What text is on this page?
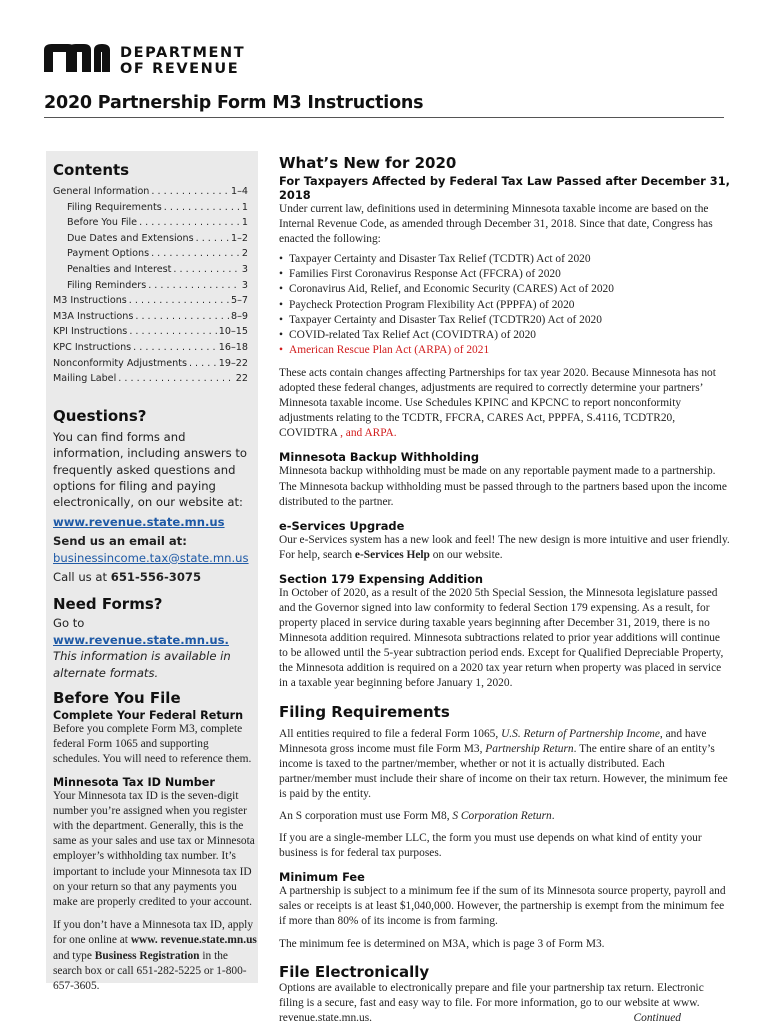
DEPARTMENT
OF REVENUE
2020 Partnership Form M3 Instructions
Contents
General Information . . .	1–4
Filing Requirements . . .	1
Before You File . . .	1
Due Dates and Extensions . . .	1–2
Payment Options . . .	2
Penalties and Interest . . .	3
Filing Reminders . . .	3
M3 Instructions . . .	5–7
M3A Instructions . . .	8–9
KPI Instructions . . .	10–15
KPC Instructions . . .	16–18
Nonconformity Adjustments . . .	19–22
Mailing Label . . .	22
Questions?
You can find forms and information, including answers to frequently asked questions and options for filing and paying electronically, on our website at:
www.revenue.state.mn.us
Send us an email at:
businessincome.tax@state.mn.us
Call us at 651-556-3075
Need Forms?
Go to www.revenue.state.mn.us.
This information is available in alternate formats.
Before You File
Complete Your Federal Return
Before you complete Form M3, complete federal Form 1065 and supporting schedules. You will need to reference them.
Minnesota Tax ID Number
Your Minnesota tax ID is the seven-digit number you’re assigned when you register with the department. Generally, this is the same as your sales and use tax or Minnesota employer’s withholding tax number. It’s important to include your Minnesota tax ID on your return so that any payments you make are properly credited to your account.
If you don’t have a Minnesota tax ID, apply for one online at www. revenue.state.mn.us and type Business Registration in the search box or call 651-282-5225 or 1-800-657-3605.
What’s New for 2020
For Taxpayers Affected by Federal Tax Law Passed after December 31, 2018
Under current law, definitions used in determining Minnesota taxable income are based on the Internal Revenue Code, as amended through December 31, 2018. Since that date, Congress has enacted the following:
• Taxpayer Certainty and Disaster Tax Relief (TCDTR) Act of 2020
• Families First Coronavirus Response Act (FFCRA) of 2020
• Coronavirus Aid, Relief, and Economic Security (CARES) Act of 2020
• Paycheck Protection Program Flexibility Act (PPPFA) of 2020
• Taxpayer Certainty and Disaster Tax Relief (TCDTR20) Act of 2020
• COVID-related Tax Relief Act (COVIDTRA) of 2020
• American Rescue Plan Act (ARPA) of 2021
These acts contain changes affecting Partnerships for tax year 2020. Because Minnesota has not adopted these federal changes, adjustments are required to correctly determine your partners’ Minnesota taxable income. Use Schedules KPINC and KPCNC to report nonconformity adjustments relating to the TCDTR, FFCRA, CARES Act, PPPFA, S.4116, TCDTR20, COVIDTRA , and ARPA.
Minnesota Backup Withholding
Minnesota backup withholding must be made on any reportable payment made to a partnership. The Minnesota backup withholding must be passed through to the partners based upon the income distributed to the partner.
e-Services Upgrade
Our e-Services system has a new look and feel! The new design is more intuitive and user friendly. For help, search e-Services Help on our website.
Section 179 Expensing Addition
In October of 2020, as a result of the 2020 5th Special Session, the Minnesota legislature passed and the Governor signed into law conformity to federal Section 179 expensing. As a result, for property placed in service during taxable years beginning after December 31, 2019, there is no Minnesota addition required. Minnesota subtractions related to prior year additions will continue to be allowed until the 5-year subtraction period ends. Except for Qualified Depreciable Property, the Minnesota addition is required on a 2020 tax year return when property was placed in service in a taxable year beginning before January 1, 2020.
Filing Requirements
All entities required to file a federal Form 1065, U.S. Return of Partnership Income, and have Minnesota gross income must file Form M3, Partnership Return. The entire share of an entity’s income is taxed to the partner/member, whether or not it is actually distributed. Each partner/member must include their share of income on their tax return. However, the minimum fee is paid by the entity.
An S corporation must use Form M8, S Corporation Return.
If you are a single-member LLC, the form you must use depends on what kind of entity your business is for federal tax purposes.
Minimum Fee
A partnership is subject to a minimum fee if the sum of its Minnesota source property, payroll and sales or receipts is at least $1,040,000. However, the partnership is exempt from the minimum fee if more than 80% of its income is from farming.
The minimum fee is determined on M3A, which is page 3 of Form M3.
File Electronically
Options are available to electronically prepare and file your partnership tax return. Electronic filing is a secure, fast and easy way to file. For more information, go to our website at www. revenue.state.mn.us.	Continued
